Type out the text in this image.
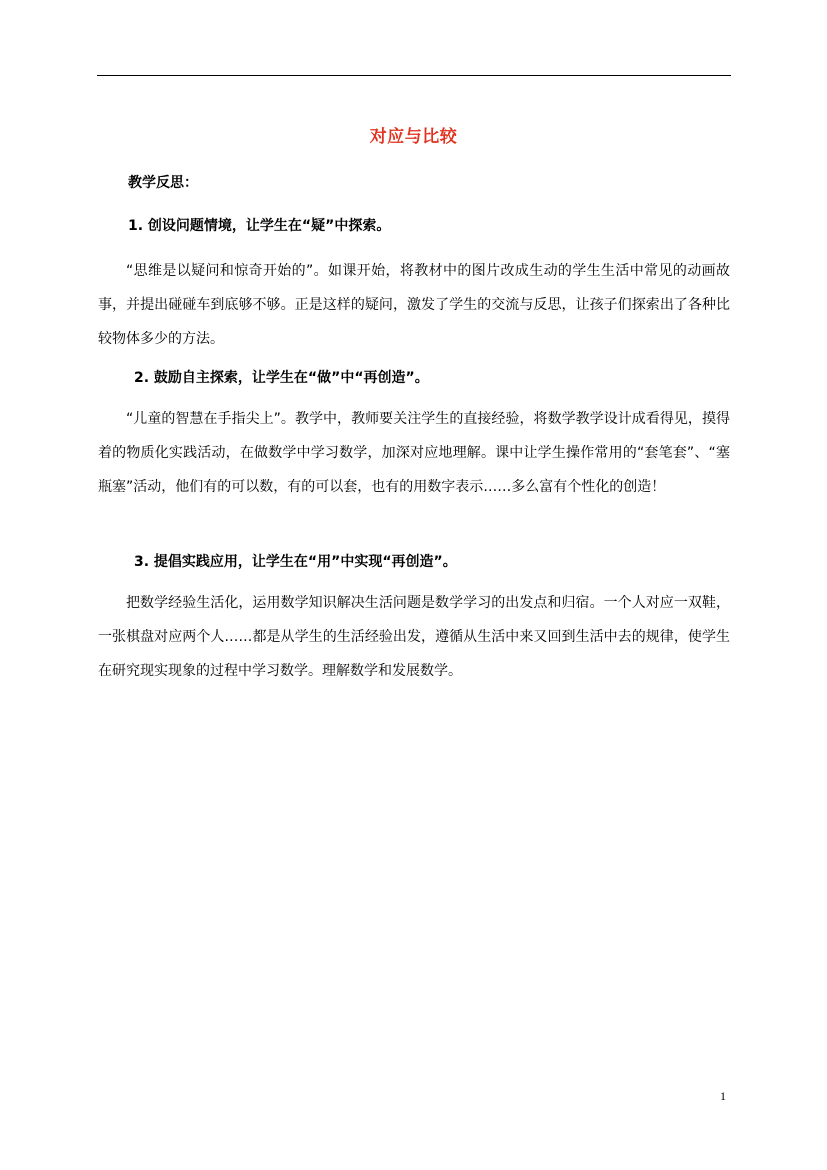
对应与比较
教学反思：
1. 创设问题情境，让学生在“疑”中探索。
“思维是以疑问和惊奇开始的”。如课开始，将教材中的图片改成生动的学生生活中常见的动画故事，并提出碰碰车到底够不够。正是这样的疑问，激发了学生的交流与反思，让孩子们探索出了各种比较物体多少的方法。
2. 鼓励自主探索，让学生在“做”中“再创造”。
“儿童的智慧在手指尖上”。教学中，教师要关注学生的直接经验，将数学教学设计成看得见，摸得着的物质化实践活动，在做数学中学习数学，加深对应地理解。课中让学生操作常用的“套笔套”、“塞瓶塞”活动，他们有的可以数，有的可以套，也有的用数字表示……多么富有个性化的创造！
3. 提倡实践应用，让学生在“用”中实现“再创造”。
把数学经验生活化，运用数学知识解决生活问题是数学学习的出发点和归宿。一个人对应一双鞋，一张棋盘对应两个人……都是从学生的生活经验出发，遵循从生活中来又回到生活中去的规律，使学生在研究现实现象的过程中学习数学。理解数学和发展数学。
1
